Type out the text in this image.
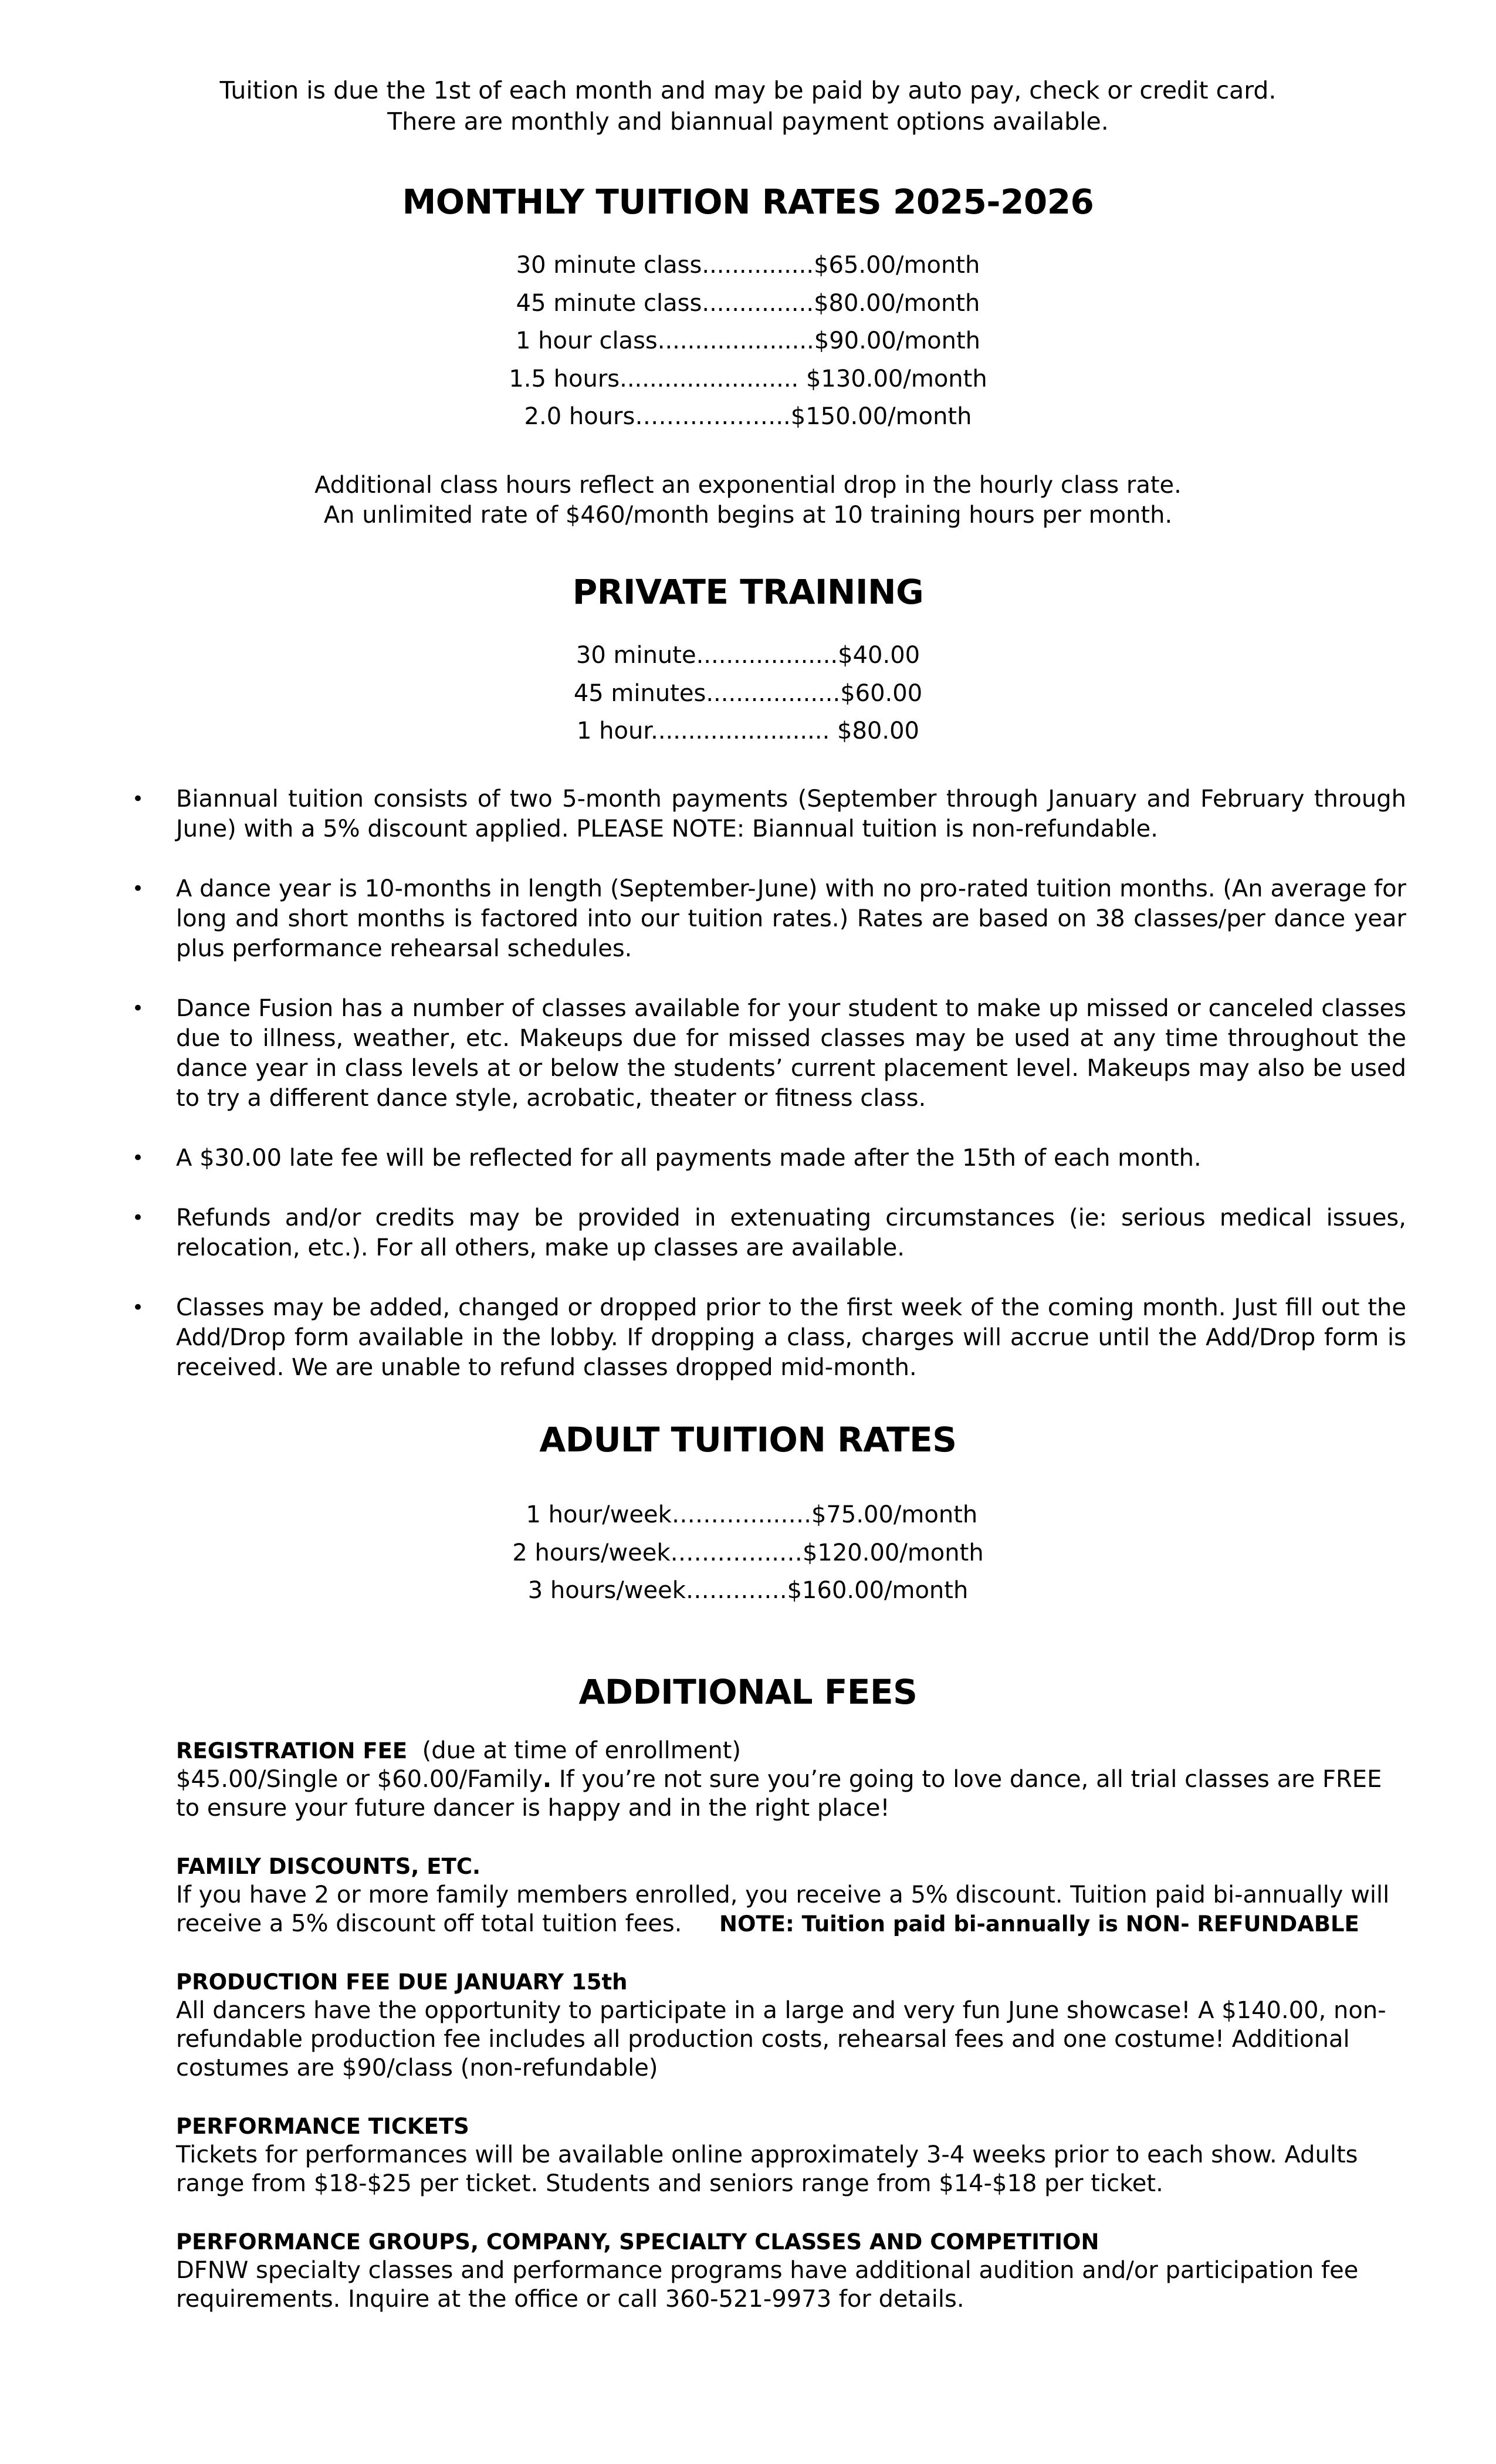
Tuition is due the 1st of each month and may be paid by auto pay, check or credit card.
There are monthly and biannual payment options available.
MONTHLY TUITION RATES 2025-2026
30 minute class...............$65.00/month
45 minute class...............$80.00/month
1 hour class.....................$90.00/month
1.5 hours........................ $130.00/month
2.0 hours………………..$150.00/month
Additional class hours reflect an exponential drop in the hourly class rate.
An unlimited rate of $460/month begins at 10 training hours per month.
PRIVATE TRAINING
30 minute...................$40.00
45 minutes..................$60.00
1 hour........................ $80.00
• Biannual tuition consists of two 5-month payments (September through January and February through June) with a 5% discount applied. PLEASE NOTE: Biannual tuition is non-refundable.
• A dance year is 10-months in length (September-June) with no pro-rated tuition months. (An average for long and short months is factored into our tuition rates.) Rates are based on 38 classes/per dance year plus performance rehearsal schedules.
• Dance Fusion has a number of classes available for your student to make up missed or canceled classes due to illness, weather, etc. Makeups due for missed classes may be used at any time throughout the dance year in class levels at or below the students’ current placement level. Makeups may also be used to try a different dance style, acrobatic, theater or fitness class.
• A $30.00 late fee will be reflected for all payments made after the 15th of each month.
• Refunds and/or credits may be provided in extenuating circumstances (ie: serious medical issues, relocation, etc.). For all others, make up classes are available.
• Classes may be added, changed or dropped prior to the first week of the coming month. Just fill out the Add/Drop form available in the lobby. If dropping a class, charges will accrue until the Add/Drop form is received. We are unable to refund classes dropped mid-month.
ADULT TUITION RATES
1 hour/week…………..….$75.00/month
2 hours/week…………..…$120.00/month
3 hours/week………….$160.00/month
ADDITIONAL FEES
REGISTRATION FEE (due at time of enrollment)
$45.00/Single or $60.00/Family. If you’re not sure you’re going to love dance, all trial classes are FREE to ensure your future dancer is happy and in the right place!
FAMILY DISCOUNTS, ETC.
If you have 2 or more family members enrolled, you receive a 5% discount. Tuition paid bi-annually will receive a 5% discount off total tuition fees. NOTE: Tuition paid bi-annually is NON- REFUNDABLE
PRODUCTION FEE DUE JANUARY 15th
All dancers have the opportunity to participate in a large and very fun June showcase! A $140.00, non-refundable production fee includes all production costs, rehearsal fees and one costume! Additional costumes are $90/class (non-refundable)
PERFORMANCE TICKETS
Tickets for performances will be available online approximately 3-4 weeks prior to each show. Adults range from $18-$25 per ticket. Students and seniors range from $14-$18 per ticket.
PERFORMANCE GROUPS, COMPANY, SPECIALTY CLASSES AND COMPETITION
DFNW specialty classes and performance programs have additional audition and/or participation fee requirements. Inquire at the office or call 360-521-9973 for details.
